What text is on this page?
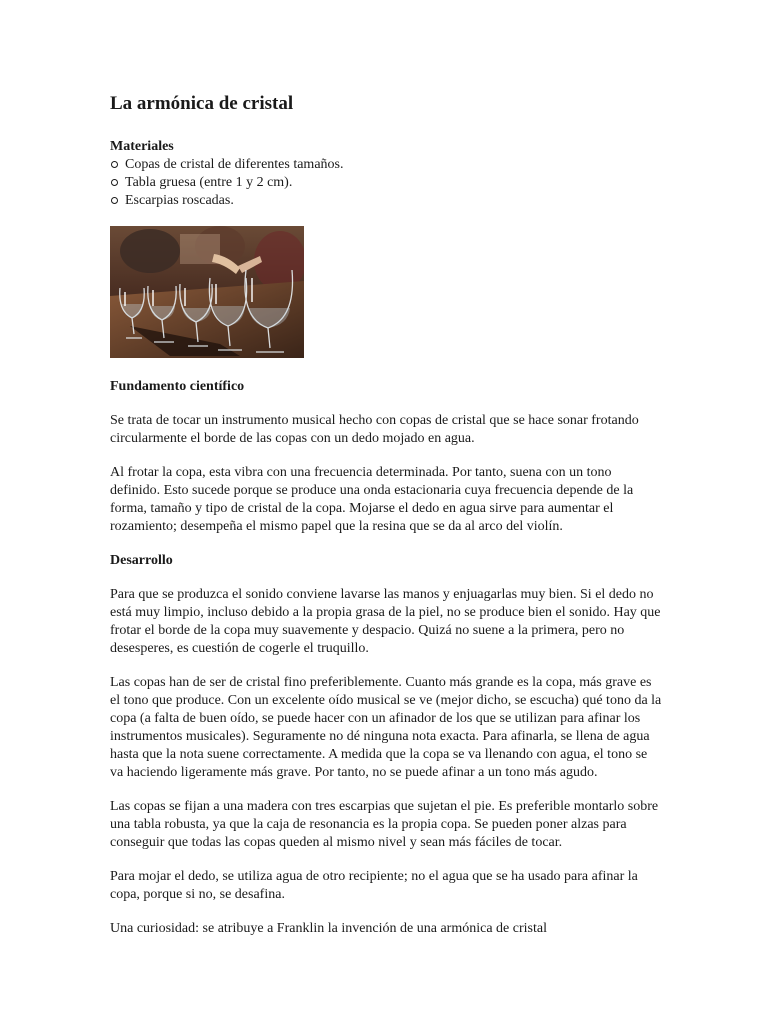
La armónica de cristal
Materiales
Copas de cristal de diferentes tamaños.
Tabla gruesa (entre 1 y 2 cm).
Escarpias roscadas.
Fundamento científico

Se trata de tocar un instrumento musical hecho con copas de cristal que se hace sonar frotando circularmente el borde de las copas con un dedo mojado en agua.

Al frotar la copa, esta vibra con una frecuencia determinada. Por tanto, suena con un tono definido. Esto sucede porque se produce una onda estacionaria cuya frecuencia depende de la forma, tamaño y tipo de cristal de la copa. Mojarse el dedo en agua sirve para aumentar el rozamiento; desempeña el mismo papel que la resina que se da al arco del violín.

Desarrollo

Para que se produzca el sonido conviene lavarse las manos y enjuagarlas muy bien. Si el dedo no está muy limpio, incluso debido a la propia grasa de la piel, no se produce bien el sonido. Hay que frotar el borde de la copa muy suavemente y despacio. Quizá no suene a la primera, pero no desesperes, es cuestión de cogerle el truquillo.

Las copas han de ser de cristal fino preferiblemente. Cuanto más grande es la copa, más grave es el tono que produce. Con un excelente oído musical se ve (mejor dicho, se escucha) qué tono da la copa (a falta de buen oído, se puede hacer con un afinador de los que se utilizan para afinar los instrumentos musicales). Seguramente no dé ninguna nota exacta. Para afinarla, se llena de agua hasta que la nota suene correctamente. A medida que la copa se va llenando con agua, el tono se va haciendo ligeramente más grave. Por tanto, no se puede afinar a un tono más agudo.

Las copas se fijan a una madera con tres escarpias que sujetan el pie. Es preferible montarlo sobre una tabla robusta, ya que la caja de resonancia es la propia copa. Se pueden poner alzas para conseguir que todas las copas queden al mismo nivel y sean más fáciles de tocar.

Para mojar el dedo, se utiliza agua de otro recipiente; no el agua que se ha usado para afinar la copa, porque si no, se desafina.

Una curiosidad: se atribuye a Franklin la invención de una armónica de cristal
